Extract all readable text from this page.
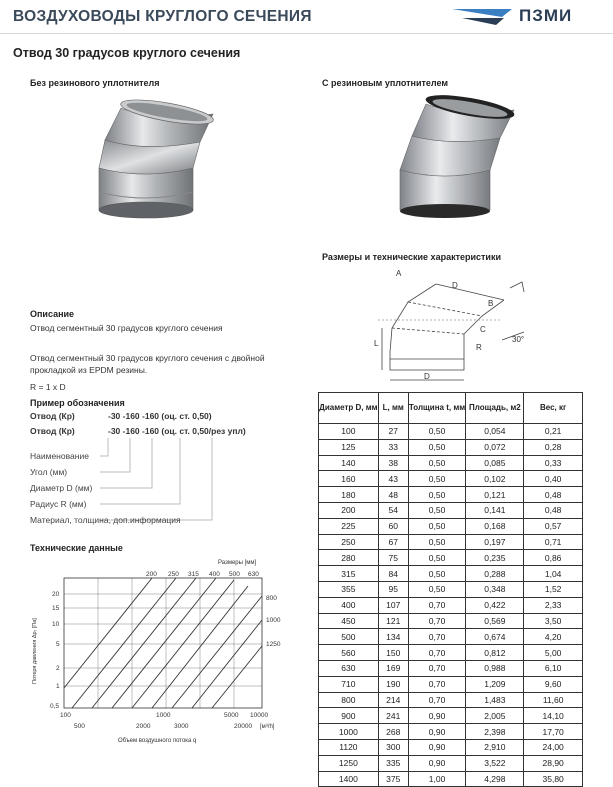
ВОЗДУХОВОДЫ КРУГЛОГО СЕЧЕНИЯ	ПЗМИ
Отвод 30 градусов круглого сечения
Без резинового уплотнителя	С резиновым уплотнителем
Размеры и технические характеристики
A
D
B
C
R
L
D
30°
Описание
Отвод сегментный 30 градусов круглого сечения
Отвод сегментный 30 градусов круглого сечения с двойной
прокладкой из EPDM резины.
R = 1 x D
Пример обозначения
Отвод (Кр)	-30 -160 -160 (оц. ст. 0,50)
Отвод (Кр)	-30 -160 -160 (оц. ст. 0,50/рез упл)
Наименование
Угол (мм)
Диаметр D (мм)
Радиус R (мм)
Материал, толщина, доп.информация
Технические данные
Размеры [мм]
200 250 315 400 500 630
800
1000
1250
Потеря давления Δpₜ [Па]
20
15
10
5
2
1
0,5
100	1000	5000 10000
500	2000	3000	20000 [м³/h]
Объем воздушного потока q
Диаметр D, мм	L, мм	Толщина t, мм	Площадь, м2	Вес, кг
100	27	0,50	0,054	0,21
125	33	0,50	0,072	0,28
140	38	0,50	0,085	0,33
160	43	0,50	0,102	0,40
180	48	0,50	0,121	0,48
200	54	0,50	0,141	0,48
225	60	0,50	0,168	0,57
250	67	0,50	0,197	0,71
280	75	0,50	0,235	0,86
315	84	0,50	0,288	1,04
355	95	0,50	0,348	1,52
400	107	0,70	0,422	2,33
450	121	0,70	0,569	3,50
500	134	0,70	0,674	4,20
560	150	0,70	0,812	5,00
630	169	0,70	0,988	6,10
710	190	0,70	1,209	9,60
800	214	0,70	1,483	11,60
900	241	0,90	2,005	14,10
1000	268	0,90	2,398	17,70
1120	300	0,90	2,910	24,00
1250	335	0,90	3,522	28,90
1400	375	1,00	4,298	35,80
